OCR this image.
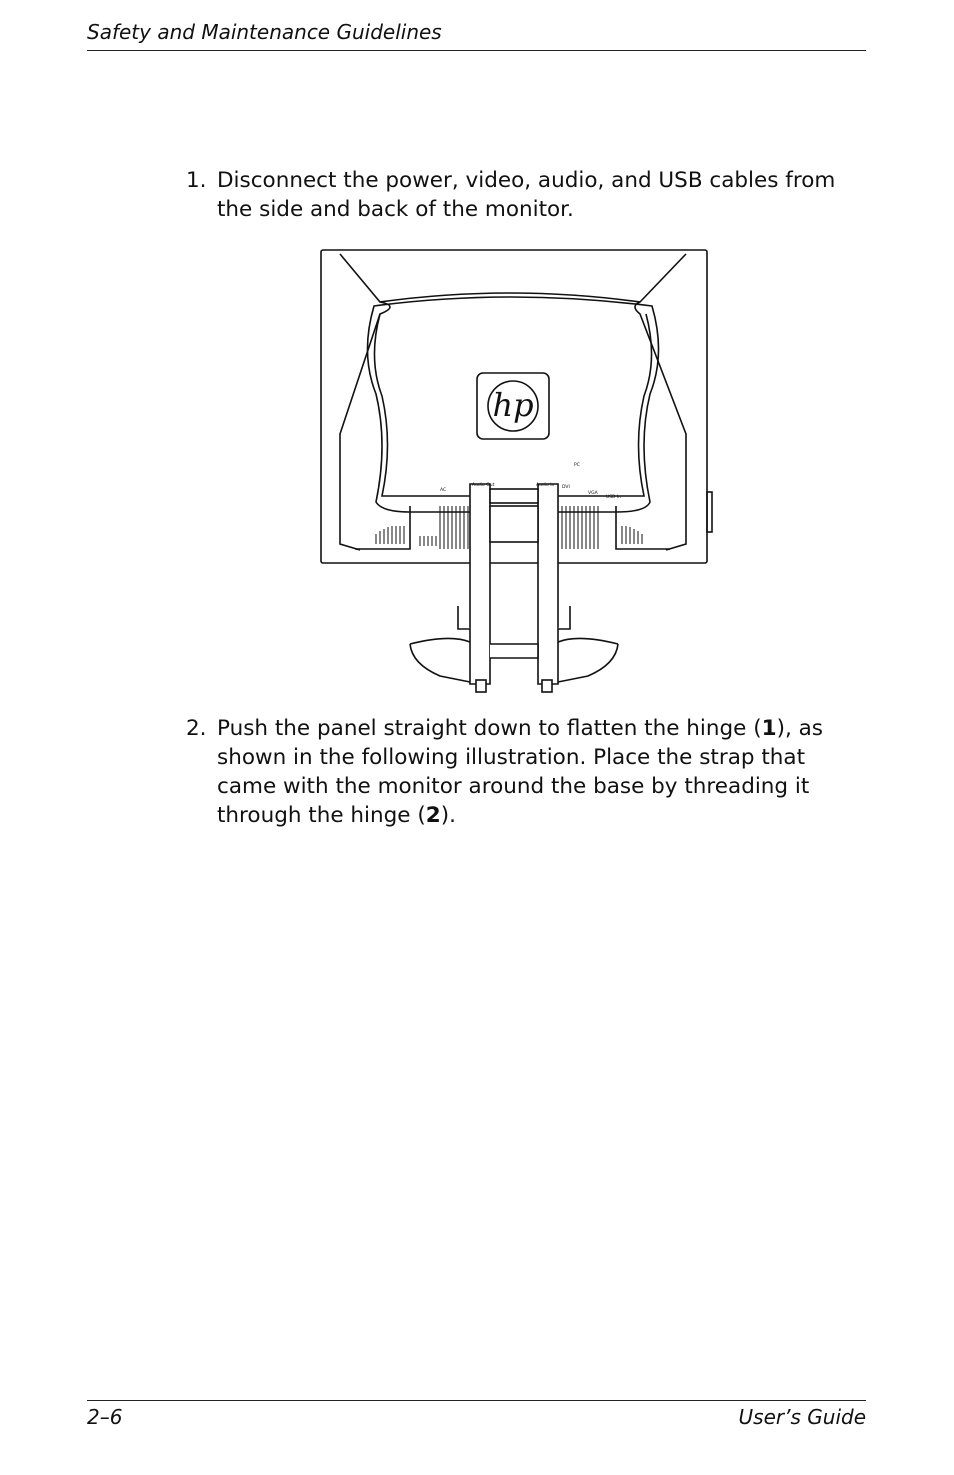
Safety and Maintenance Guidelines
1. Disconnect the power, video, audio, and USB cables from the side and back of the monitor.
hp
AC
Audio Out	Audio In
PC
DVI
VGA
USB In
2. Push the panel straight down to flatten the hinge (1), as shown in the following illustration. Place the strap that came with the monitor around the base by threading it through the hinge (2).
2–6	User’s Guide
